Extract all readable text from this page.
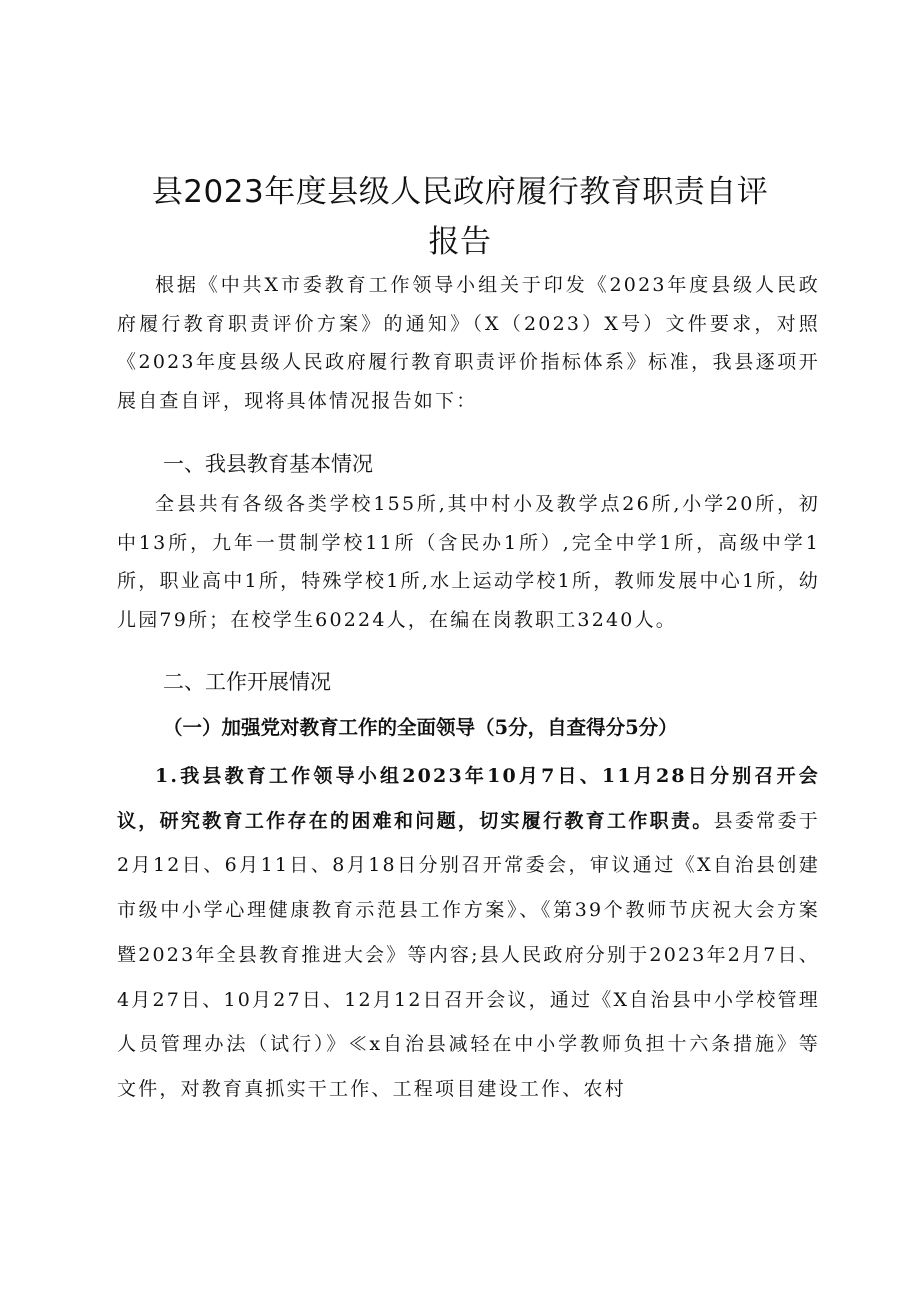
县2023年度县级人民政府履行教育职责自评
报告

根据《中共X市委教育工作领导小组关于印发《2023年度县级人民政府履行教育职责评价方案》的通知》（X（2023）X号）文件要求，对照《2023年度县级人民政府履行教育职责评价指标体系》标准，我县逐项开展自查自评，现将具体情况报告如下：

一、我县教育基本情况

全县共有各级各类学校155所,其中村小及教学点26所,小学20所，初中13所，九年一贯制学校11所（含民办1所）,完全中学1所，高级中学1所，职业高中1所，特殊学校1所,水上运动学校1所，教师发展中心1所，幼儿园79所；在校学生60224人，在编在岗教职工3240人。

二、工作开展情况
（一）加强党对教育工作的全面领导（5分，自查得分5分）

1.我县教育工作领导小组2023年10月7日、11月28日分别召开会议，研究教育工作存在的困难和问题，切实履行教育工作职责。县委常委于2月12日、6月11日、8月18日分别召开常委会，审议通过《X自治县创建市级中小学心理健康教育示范县工作方案》、《第39个教师节庆祝大会方案暨2023年全县教育推进大会》等内容;县人民政府分别于2023年2月7日、4月27日、10月27日、12月12日召开会议，通过《X自治县中小学校管理人员管理办法（试行）》≪x自治县减轻在中小学教师负担十六条措施》等文件，对教育真抓实干工作、工程项目建设工作、农村
